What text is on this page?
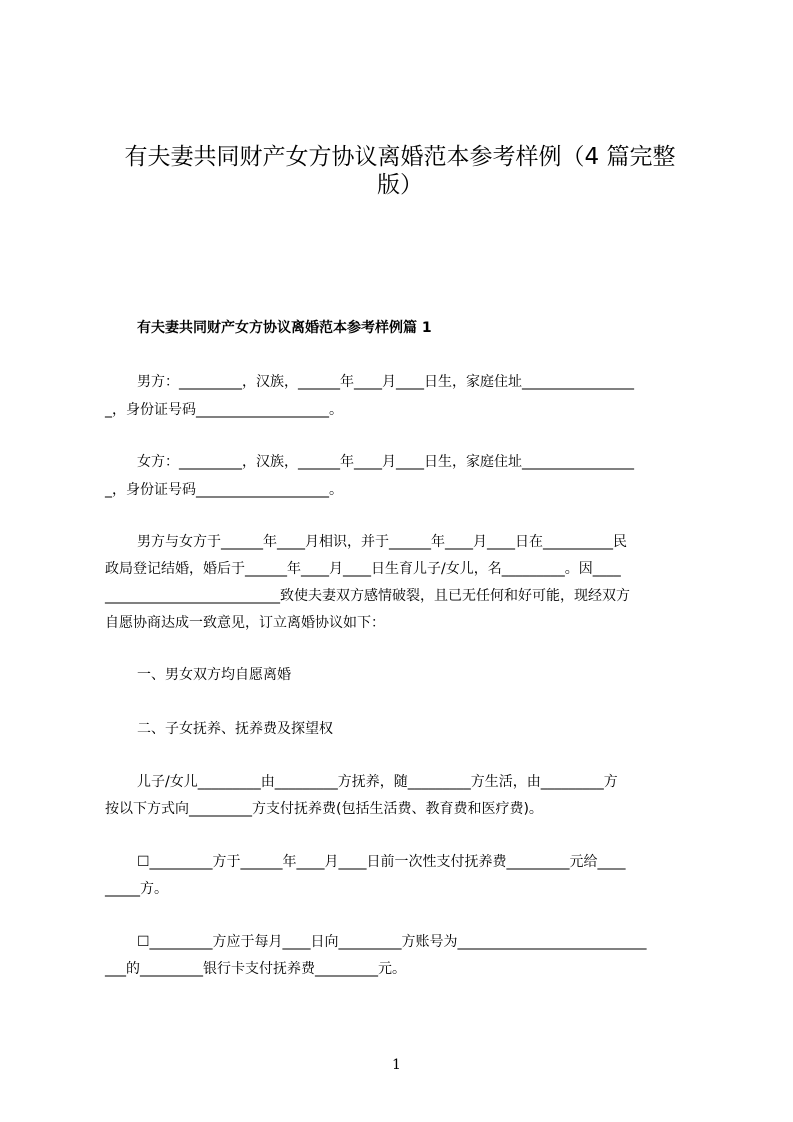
有夫妻共同财产女方协议离婚范本参考样例（4 篇完整
版）
有夫妻共同财产女方协议离婚范本参考样例篇 1
男方：_________，汉族，______年____月____日生，家庭住址________________
_，身份证号码___________________。
女方：_________，汉族，______年____月____日生，家庭住址________________
_，身份证号码___________________。
男方与女方于______年____月相识，并于______年____月____日在__________民
政局登记结婚，婚后于______年____月____日生育儿子/女儿，名_________。因____
_________________________致使夫妻双方感情破裂，且已无任何和好可能，现经双方
自愿协商达成一致意见，订立离婚协议如下：
一、男女双方均自愿离婚
二、子女抚养、抚养费及探望权
儿子/女儿_________由_________方抚养，随_________方生活，由_________方
按以下方式向_________方支付抚养费(包括生活费、教育费和医疗费)。
☐_________方于______年____月____日前一次性支付抚养费_________元给____
_____方。
☐_________方应于每月____日向_________方账号为___________________________
___的_________银行卡支付抚养费_________元。
1
